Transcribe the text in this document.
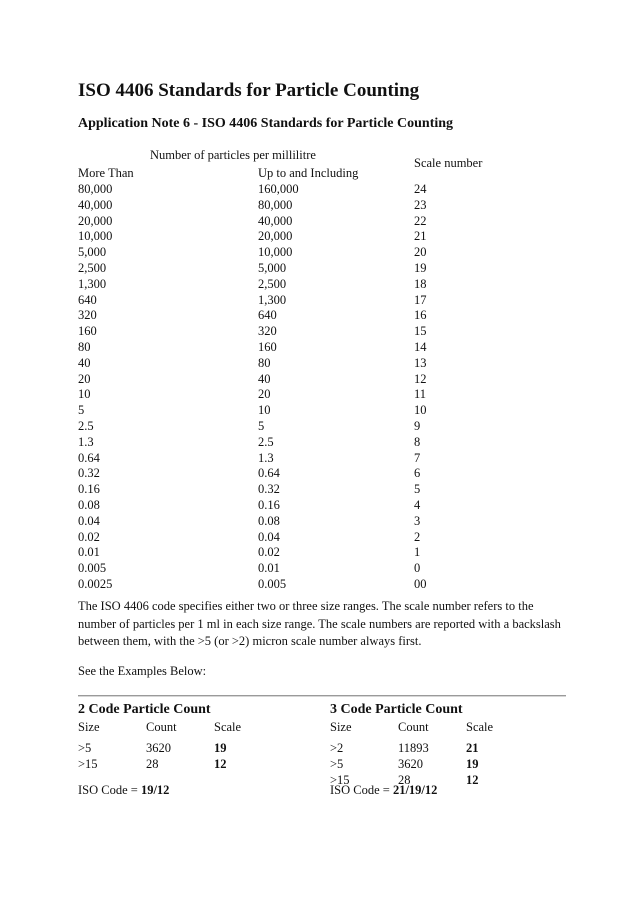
ISO 4406 Standards for Particle Counting
Application Note 6 - ISO 4406 Standards for Particle Counting
Number of particles per millilitre
More Than	Up to and Including
Scale number
80,000	160,000	24
40,000	80,000	23
20,000	40,000	22
10,000	20,000	21
5,000	10,000	20
2,500	5,000	19
1,300	2,500	18
640	1,300	17
320	640	16
160	320	15
80	160	14
40	80	13
20	40	12
10	20	11
5	10	10
2.5	5	9
1.3	2.5	8
0.64	1.3	7
0.32	0.64	6
0.16	0.32	5
0.08	0.16	4
0.04	0.08	3
0.02	0.04	2
0.01	0.02	1
0.005	0.01	0
0.0025	0.005	00
The ISO 4406 code specifies either two or three size ranges. The scale number refers to the number of particles per 1 ml in each size range. The scale numbers are reported with a backslash between them, with the >5 (or >2) micron scale number always first.
See the Examples Below:
2 Code Particle Count
Size	Count	Scale
>5	3620	19
>15	28	12
ISO Code = 19/12
3 Code Particle Count
Size	Count	Scale
>2	11893	21
>5	3620	19
>15	28	12
ISO Code = 21/19/12
